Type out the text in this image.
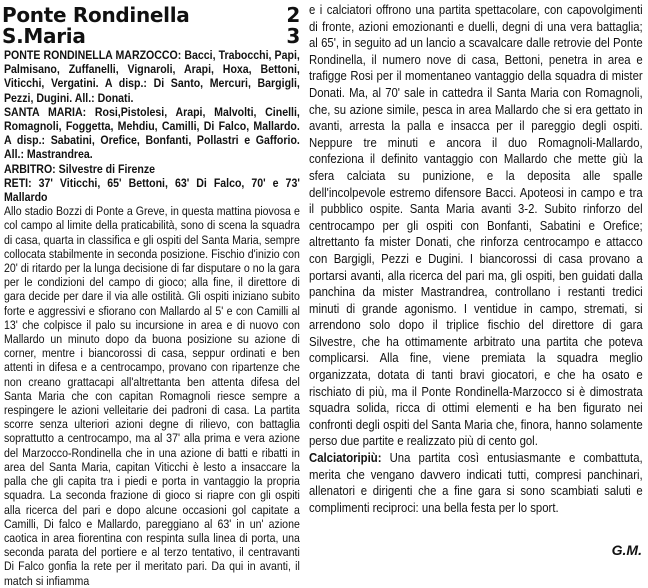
Ponte Rondinella	2
S.Maria	3

PONTE RONDINELLA MARZOCCO: Bacci, Trabocchi, Papi, Palmisano, Zuffanelli, Vignaroli, Arapi, Hoxa, Bettoni, Viticchi, Vergatini. A disp.: Di Santo, Mercuri, Bargigli, Pezzi, Dugini. All.: Donati.

SANTA MARIA: Rosi,Pistolesi, Arapi, Malvolti, Cinelli, Romagnoli, Foggetta, Mehdiu, Camilli, Di Falco, Mallardo. A disp.: Sabatini, Orefice, Bonfanti, Pollastri e Gafforio. All.: Mastrandrea.

ARBITRO: Silvestre di Firenze

RETI: 37' Viticchi, 65' Bettoni, 63' Di Falco, 70' e 73' Mallardo

Allo stadio Bozzi di Ponte a Greve, in questa mattina piovosa e col campo al limite della praticabilità, sono di scena la squadra di casa, quarta in classifica e gli ospiti del Santa Maria, sempre collocata stabilmente in seconda posizione. Fischio d'inizio con 20' di ritardo per la lunga decisione di far disputare o no la gara per le condizioni del campo di gioco; alla fine, il direttore di gara decide per dare il via alle ostilità. Gli ospiti iniziano subito forte e aggressivi e sfiorano con Mallardo al 5' e con Camilli al 13' che colpisce il palo su incursione in area e di nuovo con Mallardo un minuto dopo da buona posizione su azione di corner, mentre i biancorossi di casa, seppur ordinati e ben attenti in difesa e a centrocampo, provano con ripartenze che non creano grattacapi all'altrettanta ben attenta difesa del Santa Maria che con capitan Romagnoli riesce sempre a respingere le azioni velleitarie dei padroni di casa. La partita scorre senza ulteriori azioni degne di rilievo, con battaglia soprattutto a centrocampo, ma al 37' alla prima e vera azione del Marzocco-Rondinella che in una azione di batti e ribatti in area del Santa Maria, capitan Viticchi è lesto a insaccare la palla che gli capita tra i piedi e porta in vantaggio la propria squadra. La seconda frazione di gioco si riapre con gli ospiti alla ricerca del pari e dopo alcune occasioni gol capitate a Camilli, Di falco e Mallardo, pareggiano al 63' in un' azione caotica in area fiorentina con respinta sulla linea di porta, una seconda parata del portiere e al terzo tentativo, il centravanti Di Falco gonfia la rete per il meritato pari. Da qui in avanti, il match si infiamma

e i calciatori offrono una partita spettacolare, con capovolgimenti di fronte, azioni emozionanti e duelli, degni di una vera battaglia; al 65', in seguito ad un lancio a scavalcare dalle retrovie del Ponte Rondinella, il numero nove di casa, Bettoni, penetra in area e trafigge Rosi per il momentaneo vantaggio della squadra di mister Donati. Ma, al 70' sale in cattedra il Santa Maria con Romagnoli, che, su azione simile, pesca in area Mallardo che si era gettato in avanti, arresta la palla e insacca per il pareggio degli ospiti. Neppure tre minuti e ancora il duo Romagnoli-Mallardo, confeziona il definito vantaggio con Mallardo che mette giù la sfera calciata su punizione, e la deposita alle spalle dell'incolpevole estremo difensore Bacci. Apoteosi in campo e tra il pubblico ospite. Santa Maria avanti 3-2. Subito rinforzo del centrocampo per gli ospiti con Bonfanti, Sabatini e Orefice; altrettanto fa mister Donati, che rinforza centrocampo e attacco con Bargigli, Pezzi e Dugini. I biancorossi di casa provano a portarsi avanti, alla ricerca del pari ma, gli ospiti, ben guidati dalla panchina da mister Mastrandrea, controllano i restanti tredici minuti di grande agonismo. I ventidue in campo, stremati, si arrendono solo dopo il triplice fischio del direttore di gara Silvestre, che ha ottimamente arbitrato una partita che poteva complicarsi. Alla fine, viene premiata la squadra meglio organizzata, dotata di tanti bravi giocatori, e che ha osato e rischiato di più, ma il Ponte Rondinella-Marzocco si è dimostrata squadra solida, ricca di ottimi elementi e ha ben figurato nei confronti degli ospiti del Santa Maria che, finora, hanno solamente perso due partite e realizzato più di cento gol.

Calciatoripiù: Una partita così entusiasmante e combattuta, merita che vengano davvero indicati tutti, compresi panchinari, allenatori e dirigenti che a fine gara si sono scambiati saluti e complimenti reciproci: una bella festa per lo sport.

G.M.
